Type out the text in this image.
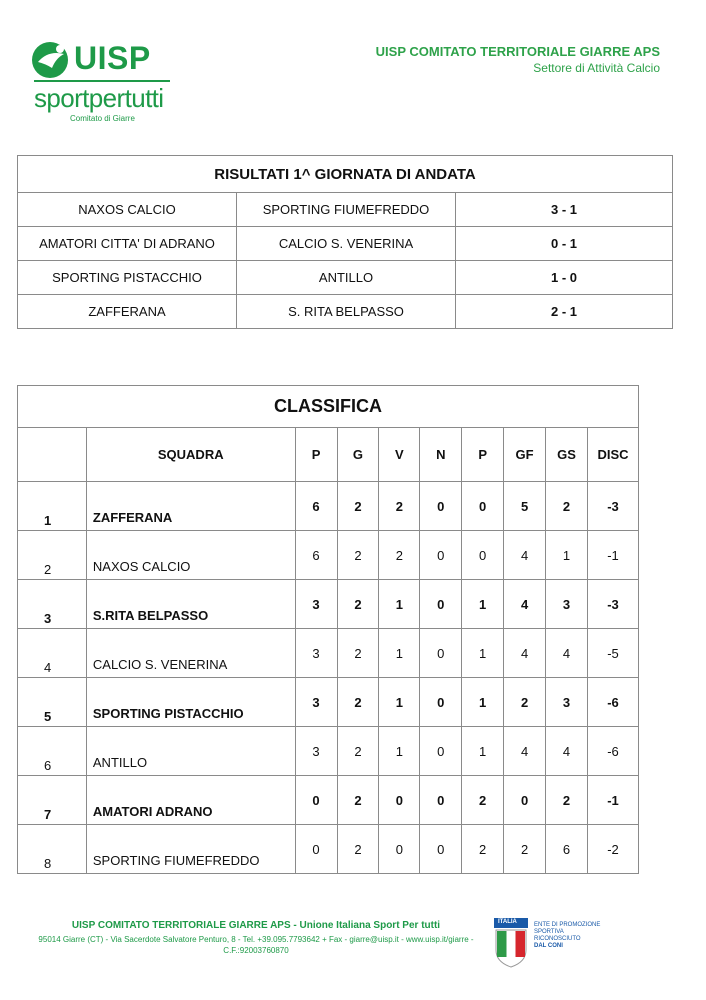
UISP
sportpertutti
Comitato di Giarre
UISP COMITATO TERRITORIALE GIARRE APS
Settore di Attività Calcio
RISULTATI 1^ GIORNATA DI ANDATA		
NAXOS CALCIO	SPORTING FIUMEFREDDO	3 - 1
AMATORI CITTA' DI ADRANO	CALCIO S. VENERINA	0 - 1
SPORTING PISTACCHIO	ANTILLO	1 - 0
ZAFFERANA	S. RITA BELPASSO	2 - 1
CLASSIFICA									
	SQUADRA	P	G	V	N	P	GF	GS	DISC
1	ZAFFERANA	6	2	2	0	0	5	2	-3
2	NAXOS CALCIO	6	2	2	0	0	4	1	-1
3	S.RITA BELPASSO	3	2	1	0	1	4	3	-3
4	CALCIO S. VENERINA	3	2	1	0	1	4	4	-5
5	SPORTING PISTACCHIO	3	2	1	0	1	2	3	-6
6	ANTILLO	3	2	1	0	1	4	4	-6
7	AMATORI ADRANO	0	2	0	0	2	0	2	-1
8	SPORTING FIUMEFREDDO	0	2	0	0	2	2	6	-2
UISP COMITATO TERRITORIALE GIARRE APS - Unione Italiana Sport Per tutti
95014 Giarre (CT) - Via Sacerdote Salvatore Penturo, 8 - Tel. +39.095.7793642 + Fax - giarre@uisp.it - www.uisp.it/giarre - C.F.:92003760870
ITALIA	ENTE DI PROMOZIONE
SPORTIVA
RICONOSCIUTO
DAL CONI
